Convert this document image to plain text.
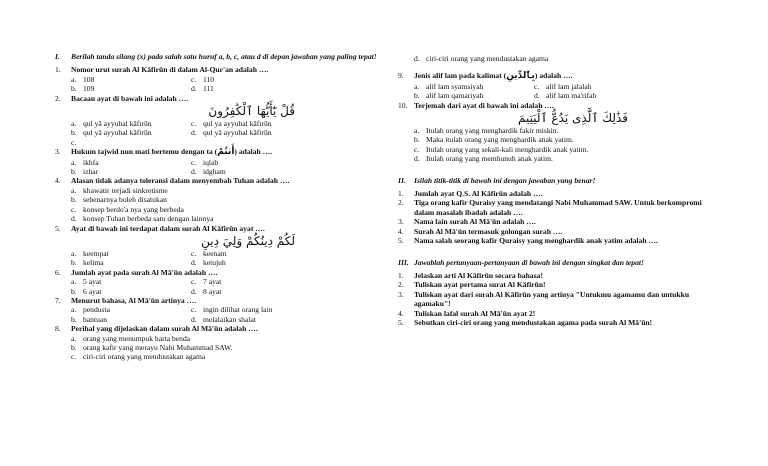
I.	Berilah tanda silang (x) pada salah satu huruf a, b, c, atau d di depan jawaban yang paling tepat!
1.	Nomor urut surah Al Kāfirūn di dalam Al-Qur'an adalah ….
a. 108	c. 110
b. 109	d. 111
2.	Bacaan ayat di bawah ini adalah ….
قُلْ يَٰٓأَيُّهَا ٱلْكَٰفِرُونَ
a. qul yā ayyuhal kāfirūn	c. qul ya ayyuhal kāfirūn
b. qul yā ayyuhal kāfirūn	d. qul yā ayyuhal kāfirūn
c.
3.	Hukum tajwid nun mati bertemu dengan ta (أَنتُمْ) adalah ….
a. ikhfa	c. iqlab
b. izhar	d. idgham
4.	Alasan tidak adanya toleransi dalam menyembah Tuhan adalah ….
a. khawatir terjadi sinkretisme
b. sebenarnya boleh disatukan
c. konsep berdo'a nya yang berbeda
d. konsep Tuhan berbeda satu dengan lainnya
5.	Ayat di bawah ini terdapat dalam surah Al Kāfirūn ayat ….
لَكُمْ دِينُكُمْ وَلِيَ دِينِ
a. keempat	c. keenam
b. kelima	d. ketujuh
6.	Jumlah ayat pada surah Al Mā'ūn adalah ….
a. 5 ayat	c. 7 ayat
b. 6 ayat	d. 8 ayat
7.	Menurut bahasa, Al Mā'ūn artinya ….
a. pendusta	c. ingin dilihat orang lain
b. bantuan	d. melalaikan shalat
8.	Perihal yang dijelaskan dalam surah Al Mā'ūn adalah ….
a. orang yang menumpuk harta benda
b. orang kafir yang merayu Nabi Muhammad SAW.
c. ciri-ciri orang yang mendustakan agama
d. ciri-ciri orang yang mendustakan agama
9.	Jenis alif lam pada kalimat (بِٱلدِّينِ) adalah ….
a. alif lam syamsiyah	c. alif lam jalalah
b. alif lam qamariyah	d. alif lam ma'rifah
10. Terjemah dari ayat di bawah ini adalah ….
فَذَٰلِكَ ٱلَّذِى يَدُعُّ ٱلْيَتِيمَ
a. Itulah orang yang menghardik fakir miskin.
b. Maka itulah orang yang menghardik anak yatim.
c. Itulah orang yang sekali-kali menghardik anak yatim.
d. Itulah orang yang membunuh anak yatim.
II.	Isilah titik-titik di bawah ini dengan jawaban yang benar!
1.	Jumlah ayat Q.S. Al Kāfirūn adalah ….
2.	Tiga orang kafir Quraisy yang mendatangi Nabi Muhammad SAW. Untuk berkompromi dalam masalah ibadah adalah ….
3.	Nama lain surah Al Mā'ūn adalah ….
4.	Surah Al Mā'ūn termasuk golongan surah ….
5.	Nama salah seorang kafir Quraisy yang menghardik anak yatim adalah ….
III. Jawablah pertanyaan-pertanyaan di bawah ini dengan singkat dan tepat!
1.	Jelaskan arti Al Kāfirūn secara bahasa!
2.	Tuliskan ayat pertama surat Al Kāfirūn!
3.	Tuliskan ayat dari surah Al Kāfirūn yang artinya "Untukmu agamamu dan untukku agamaku"!
4.	Tuliskan lafal surah Al Mā'ūn ayat 2!
5.	Sebutkan ciri-ciri orang yang mendustakan agama pada surah Al Mā'ūn!
